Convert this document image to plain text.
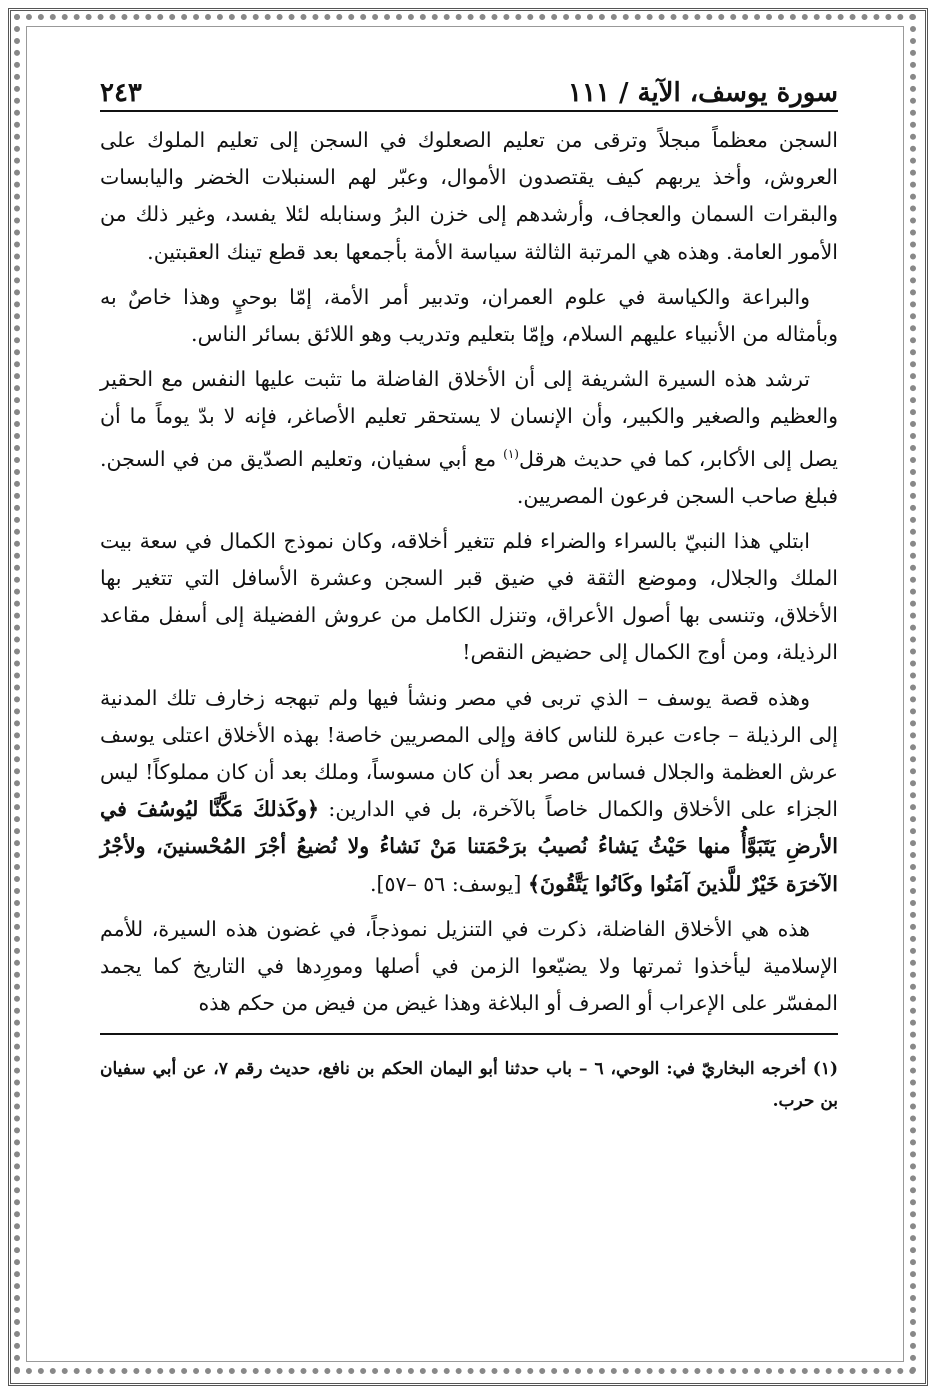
سورة يوسف، الآية / ١١١
٢٤٣

السجن معظماً مبجلاً وترقى من تعليم الصعلوك في السجن إلى تعليم الملوك على العروش، وأخذ يربهم كيف يقتصدون الأموال، وعبّر لهم السنبلات الخضر واليابسات والبقرات السمان والعجاف، وأرشدهم إلى خزن البرُ وسنابله لئلا يفسد، وغير ذلك من الأمور العامة. وهذه هي المرتبة الثالثة سياسة الأمة بأجمعها بعد قطع تينك العقبتين.

والبراعة والكياسة في علوم العمران، وتدبير أمر الأمة، إمّا بوحيٍ وهذا خاصٌ به وبأمثاله من الأنبياء عليهم السلام، وإمّا بتعليم وتدريب وهو اللائق بسائر الناس.

ترشد هذه السيرة الشريفة إلى أن الأخلاق الفاضلة ما تثبت عليها النفس مع الحقير والعظيم والصغير والكبير، وأن الإنسان لا يستحقر تعليم الأصاغر، فإنه لا بدّ يوماً ما أن يصل إلى الأكابر، كما في حديث هرقل$^{(١)}$ مع أبي سفيان، وتعليم الصدّيق من في السجن. فبلغ صاحب السجن فرعون المصريين.

ابتلي هذا النبيّ بالسراء والضراء فلم تتغير أخلاقه، وكان نموذج الكمال في سعة بيت الملك والجلال، وموضع الثقة في ضيق قبر السجن وعشرة الأسافل التي تتغير بها الأخلاق، وتنسى بها أصول الأعراق، وتنزل الكامل من عروش الفضيلة إلى أسفل مقاعد الرذيلة، ومن أوج الكمال إلى حضيض النقص!

وهذه قصة يوسف – الذي تربى في مصر ونشأ فيها ولم تبهجه زخارف تلك المدنية إلى الرذيلة – جاءت عبرة للناس كافة وإلى المصريين خاصة! بهذه الأخلاق اعتلى يوسف عرش العظمة والجلال فساس مصر بعد أن كان مسوساً، وملك بعد أن كان مملوكاً! ليس الجزاء على الأخلاق والكمال خاصاً بالآخرة، بل في الدارين: ﴿وكَذلكَ مَكَّنَّا ليُوسُفَ في الأرضِ يَتَبَوَّأُ منها حَيْثُ يَشاءُ نُصيبُ برَحْمَتنا مَنْ نَشاءُ ولا نُضيعُ أجْرَ المُحْسنينَ، ولأجْرُ الآخرَة خَيْرٌ للَّذينَ آمَنُوا وكَانُوا يَتَّقُونَ﴾ [يوسف: ٥٦ –٥٧].

هذه هي الأخلاق الفاضلة، ذكرت في التنزيل نموذجاً، في غضون هذه السيرة، للأمم الإسلامية ليأخذوا ثمرتها ولا يضيّعوا الزمن في أصلها ومورِدها في التاريخ كما يجمد المفسّر على الإعراب أو الصرف أو البلاغة وهذا غيض من فيض من حكم هذه

(١) أخرجه البخاريّ في: الوحي، ٦ – باب حدثنا أبو اليمان الحكم بن نافع، حديث رقم ٧، عن أبي سفيان بن حرب.
